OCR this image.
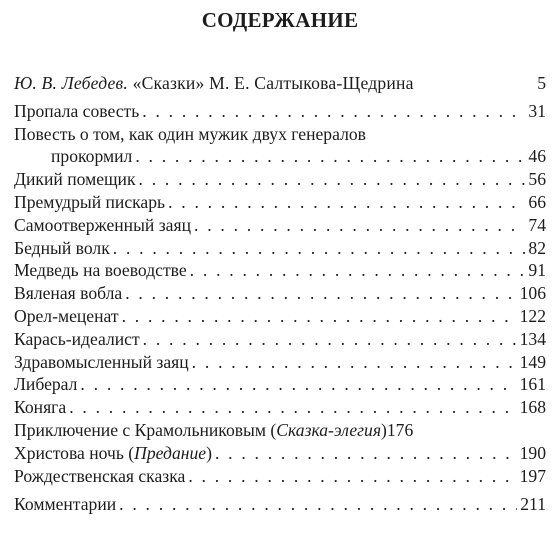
СОДЕРЖАНИЕ
Ю. В. Лебедев. «Сказки» М. Е. Салтыкова-Щедрина	5
Пропала совесть . . .	31
Повесть о том, как один мужик двух генералов
прокормил . . .	46
Дикий помещик . . .	56
Премудрый пискарь . . .	66
Самоотверженный заяц . . .	74
Бедный волк . . .	82
Медведь на воеводстве . . .	91
Вяленая вобла . . .	106
Орел-меценат . . .	122
Карась-идеалист . . .	134
Здравомысленный заяц . . .	149
Либерал . . .	161
Коняга . . .	168
Приключение с Крамольниковым (Сказка-элегия) 176
Христова ночь (Предание) . . .	190
Рождественская сказка . . .	197
Комментарии . . .	211
